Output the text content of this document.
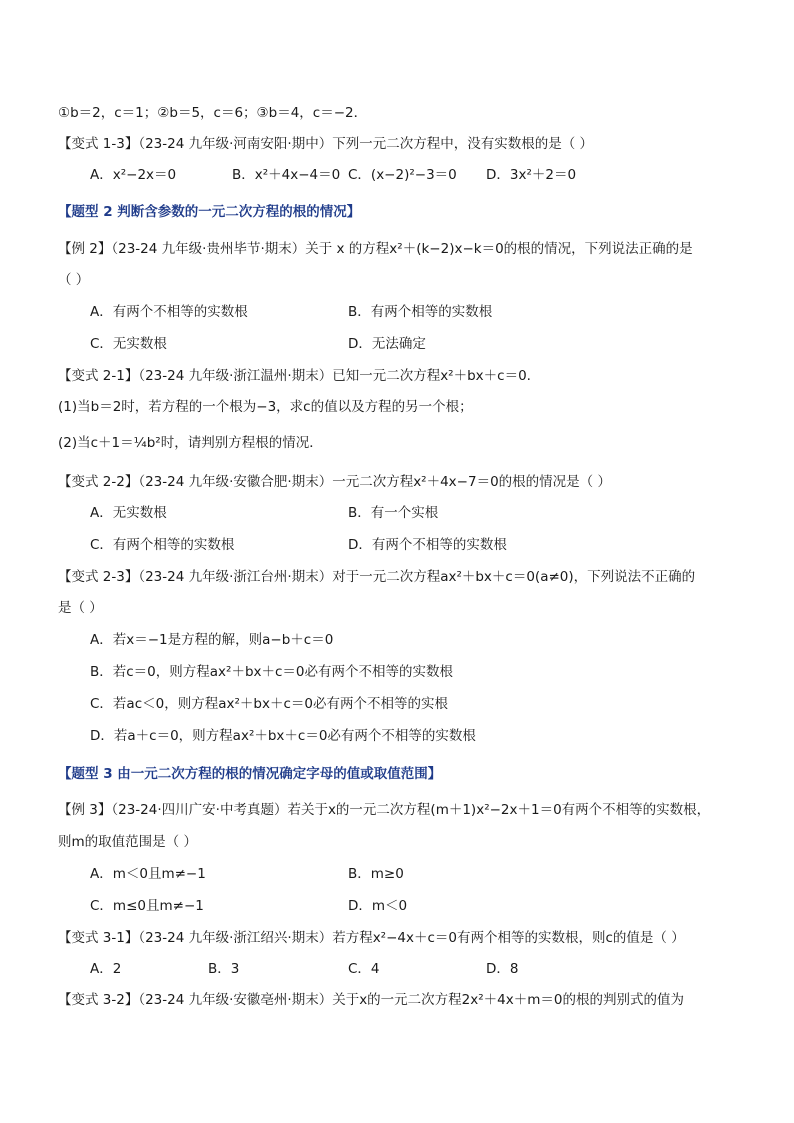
①b＝2，c＝1；②b＝5，c＝6；③b＝4，c＝−2．
【变式 1-3】（23-24 九年级·河南安阳·期中）下列一元二次方程中，没有实数根的是（ ）
A．x²−2x＝0	B．x²＋4x−4＝0 C．(x−2)²−3＝0 D．3x²＋2＝0
【题型 2 判断含参数的一元二次方程的根的情况】
【例 2】（23-24 九年级·贵州毕节·期末）关于 x 的方程x²＋(k−2)x−k＝0的根的情况，下列说法正确的是
（ ）
A．有两个不相等的实数根	B．有两个相等的实数根
C．无实数根	D．无法确定
【变式 2-1】（23-24 九年级·浙江温州·期末）已知一元二次方程x²＋bx＋c＝0.
(1)当b＝2时，若方程的一个根为−3，求c的值以及方程的另一个根；
(2)当c＋1＝¼b²时，请判别方程根的情况．
【变式 2-2】（23-24 九年级·安徽合肥·期末）一元二次方程x²＋4x−7＝0的根的情况是（ ）
A．无实数根	B．有一个实根
C．有两个相等的实数根	D．有两个不相等的实数根
【变式 2-3】（23-24 九年级·浙江台州·期末）对于一元二次方程ax²＋bx＋c＝0(a≠0)，下列说法不正确的
是（ ）
A．若x＝−1是方程的解，则a−b＋c＝0
B．若c＝0，则方程ax²＋bx＋c＝0必有两个不相等的实数根
C．若ac＜0，则方程ax²＋bx＋c＝0必有两个不相等的实根
D．若a＋c＝0，则方程ax²＋bx＋c＝0必有两个不相等的实数根
【题型 3 由一元二次方程的根的情况确定字母的值或取值范围】
【例 3】（23-24·四川广安·中考真题）若关于x的一元二次方程(m＋1)x²−2x＋1＝0有两个不相等的实数根，
则m的取值范围是（ ）
A．m＜0且m≠−1	B．m≥0
C．m≤0且m≠−1	D．m＜0
【变式 3-1】（23-24 九年级·浙江绍兴·期末）若方程x²−4x＋c＝0有两个相等的实数根，则c的值是（ ）
A．2	B．3	C．4	D．8
【变式 3-2】（23-24 九年级·安徽亳州·期末）关于x的一元二次方程2x²＋4x＋m＝0的根的判别式的值为
